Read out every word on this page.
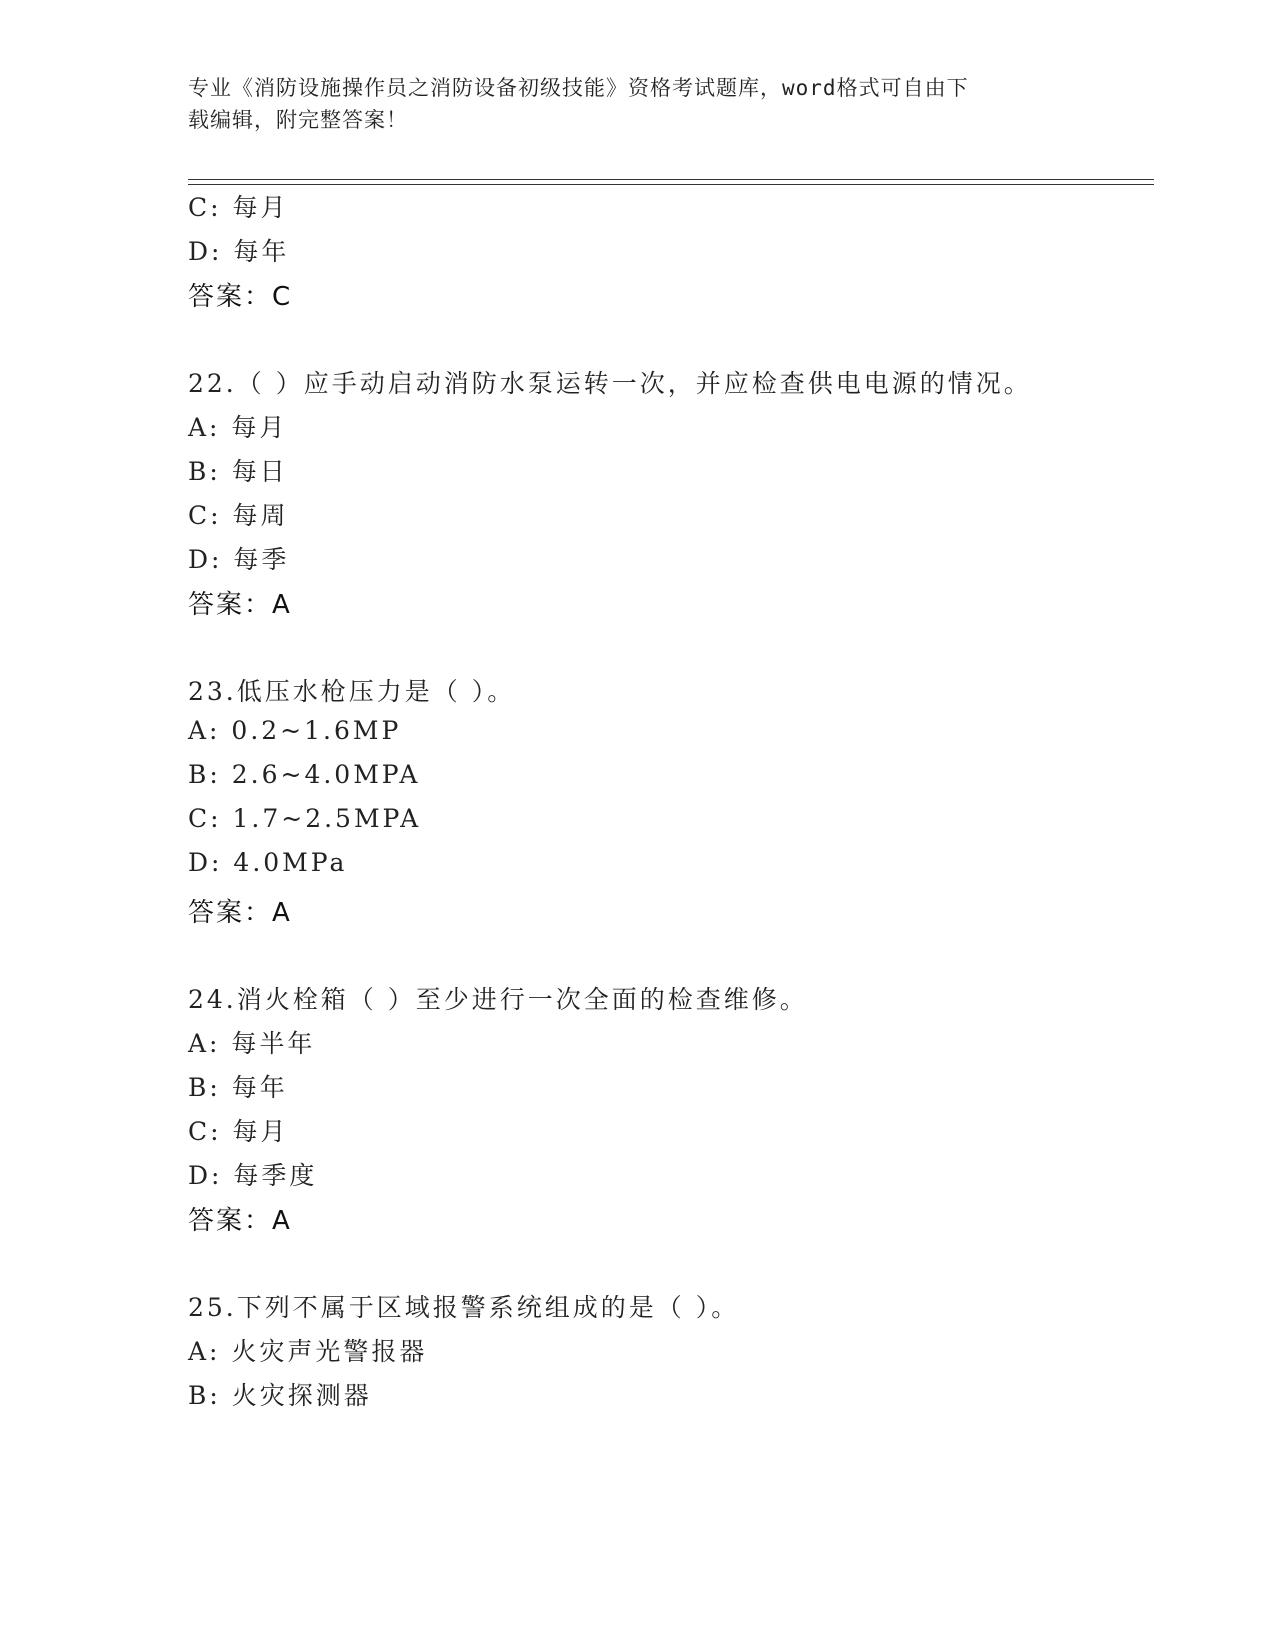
专业《消防设施操作员之消防设备初级技能》资格考试题库，word格式可自由下
载编辑，附完整答案！
C: 每月
D: 每年
答案：C
22.（ ）应手动启动消防水泵运转一次，并应检查供电电源的情况。
A: 每月
B: 每日
C: 每周
D: 每季
答案：A
23.低压水枪压力是（ ）。
A: 0.2~1.6MP
B: 2.6~4.0MPA
C: 1.7~2.5MPA
D: 4.0MPa
答案：A
24.消火栓箱（ ）至少进行一次全面的检查维修。
A: 每半年
B: 每年
C: 每月
D: 每季度
答案：A
25.下列不属于区域报警系统组成的是（ ）。
A: 火灾声光警报器
B: 火灾探测器
